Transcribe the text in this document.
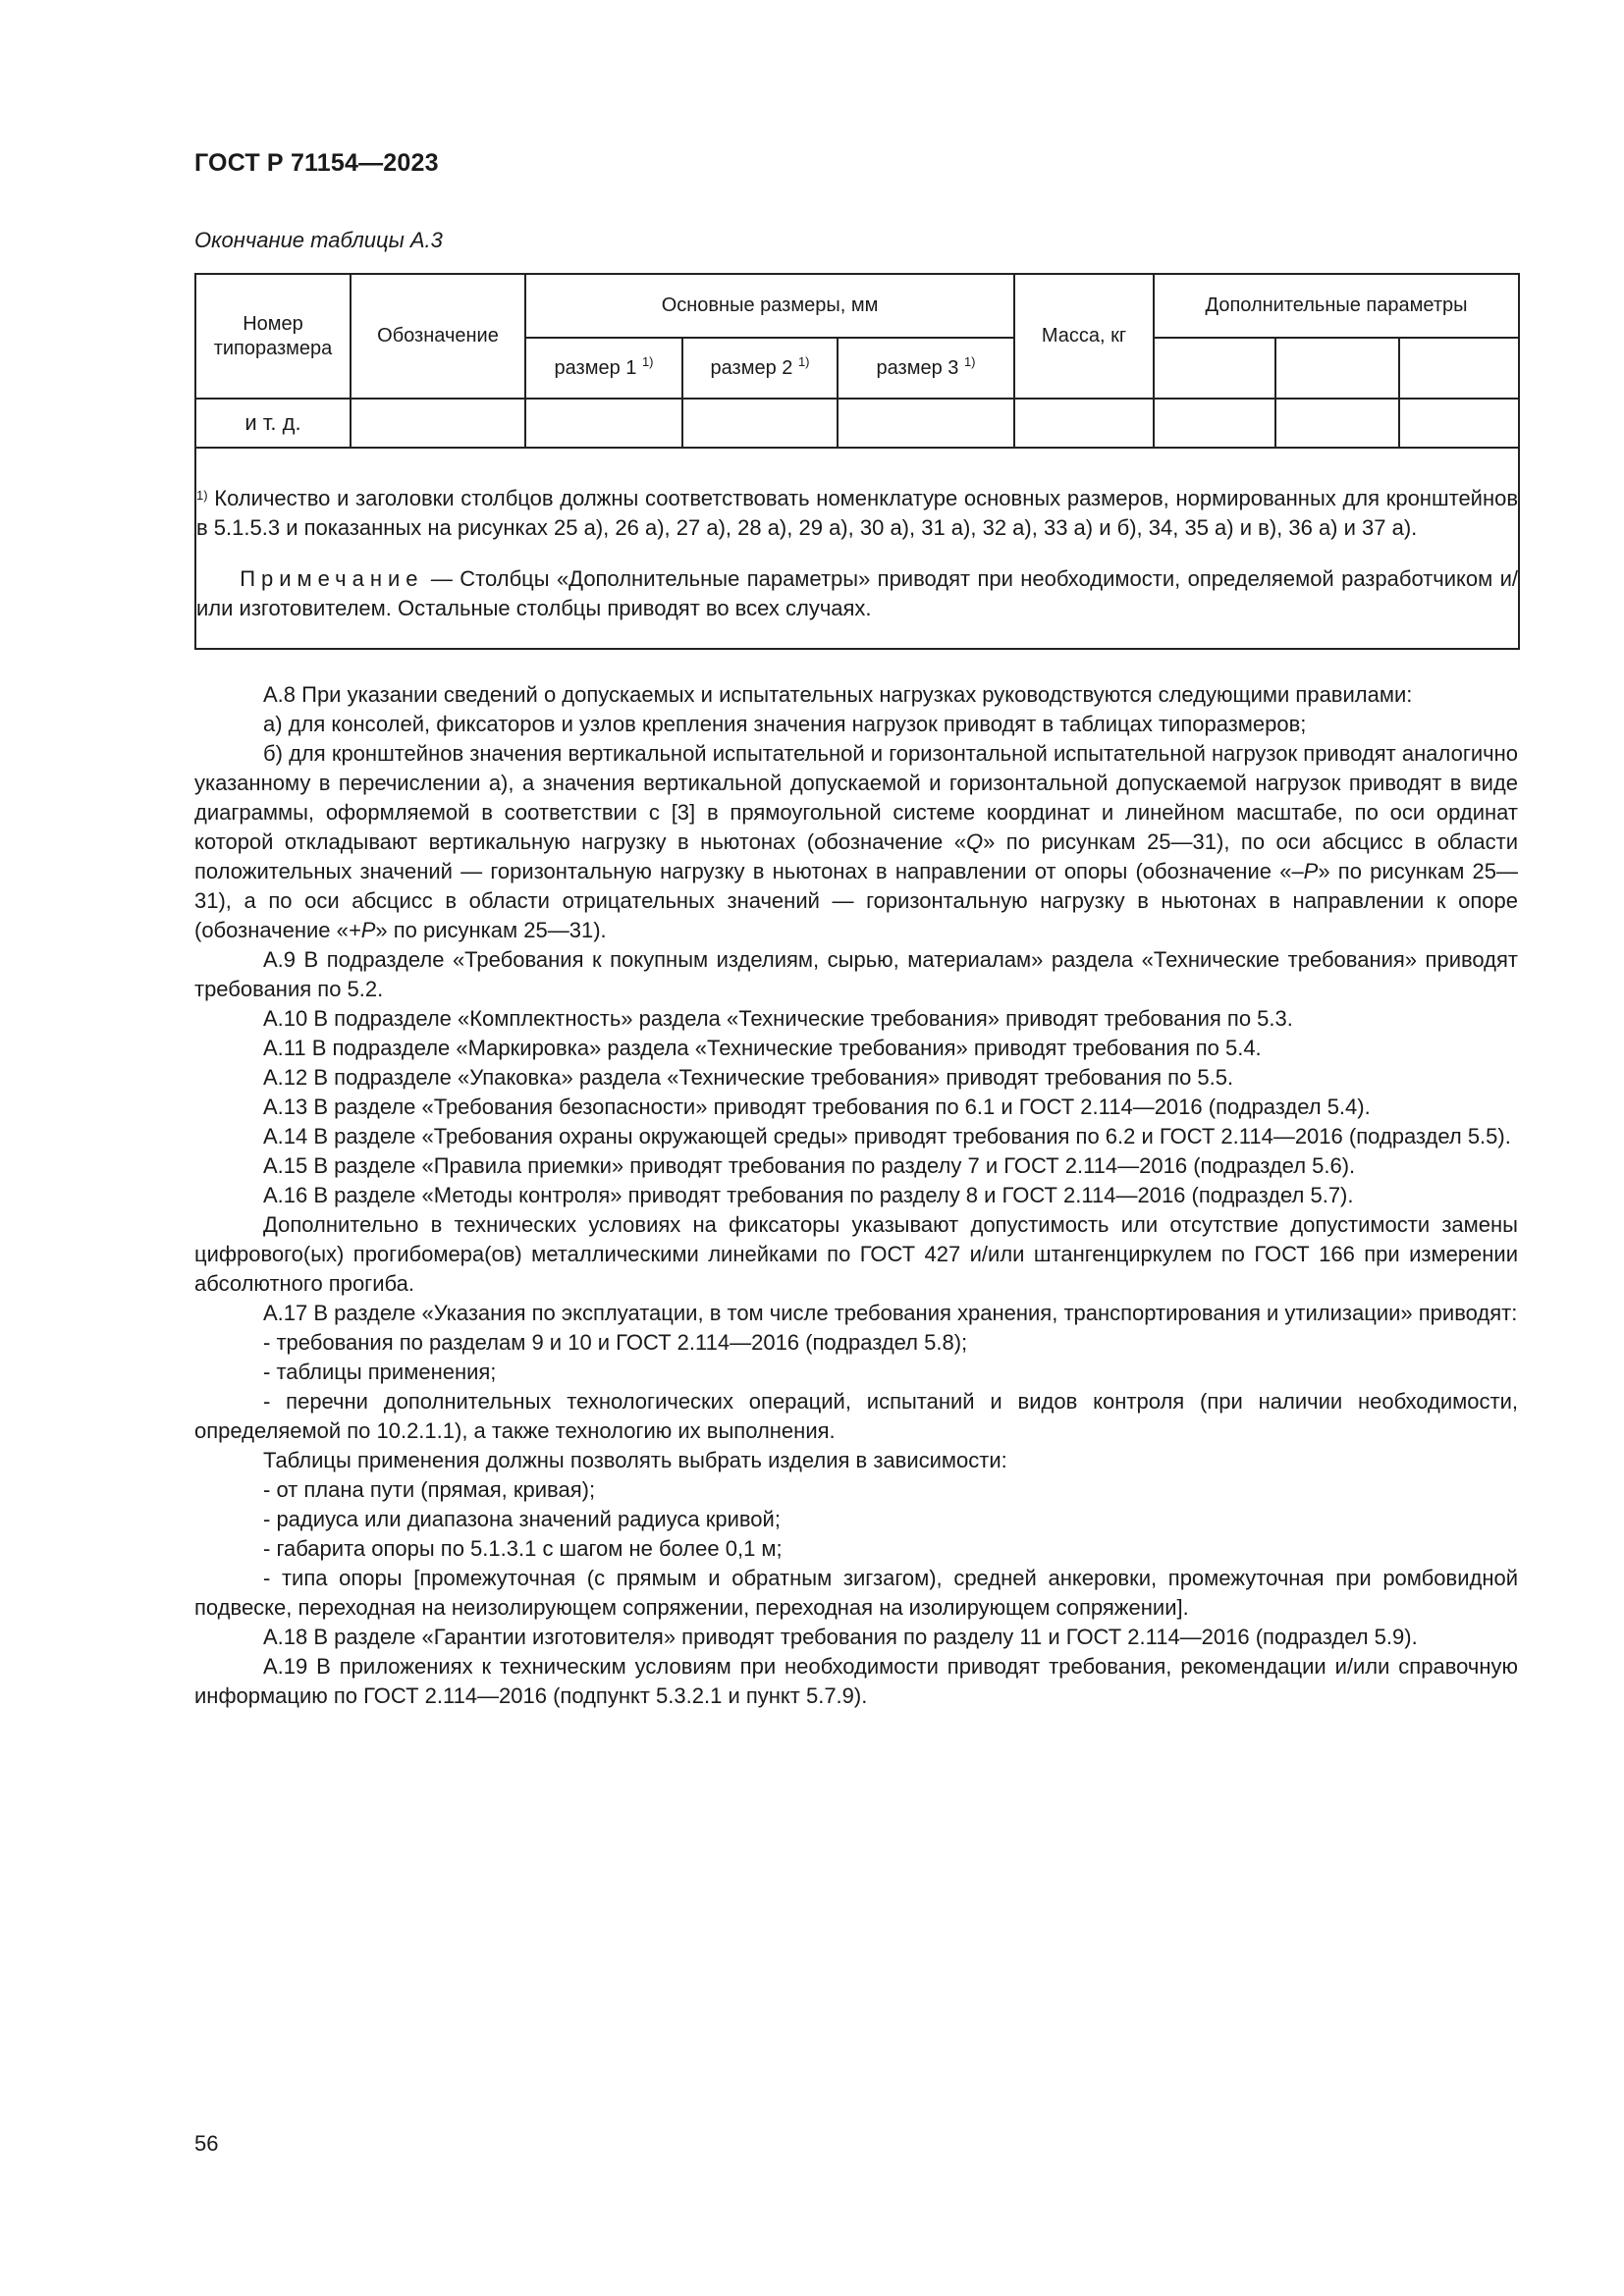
ГОСТ Р 71154—2023
Окончание таблицы А.3
Номер типоразмера	Обозначение	Основные размеры, мм			Масса, кг	Дополнительные параметры		
		размер 1 $^{1)}$	размер 2 $^{1)}$	размер 3 $^{1)}$			
и т. д.								

$^{1)}$ Количество и заголовки столбцов должны соответствовать номенклатуре основных размеров, нормированных для кронштейнов в 5.1.5.3 и показанных на рисунках 25 а), 26 а), 27 а), 28 а), 29 а), 30 а), 31 а), 32 а), 33 а) и б), 34, 35 а) и в), 36 а) и 37 а).
Примечание — Столбцы «Дополнительные параметры» приводят при необходимости, определяемой разработчиком и/или изготовителем. Остальные столбцы приводят во всех случаях.								

А.8 При указании сведений о допускаемых и испытательных нагрузках руководствуются следующими правилами:

а) для консолей, фиксаторов и узлов крепления значения нагрузок приводят в таблицах типоразмеров;

б) для кронштейнов значения вертикальной испытательной и горизонтальной испытательной нагрузок приводят аналогично указанному в перечислении а), а значения вертикальной допускаемой и горизонтальной допускаемой нагрузок приводят в виде диаграммы, оформляемой в соответствии с [3] в прямоугольной системе координат и линейном масштабе, по оси ординат которой откладывают вертикальную нагрузку в ньютонах (обозначение «Q» по рисункам 25—31), по оси абсцисс в области положительных значений — горизонтальную нагрузку в ньютонах в направлении от опоры (обозначение «–P» по рисункам 25—31), а по оси абсцисс в области отрицательных значений — горизонтальную нагрузку в ньютонах в направлении к опоре (обозначение «+P» по рисункам 25—31).

А.9 В подразделе «Требования к покупным изделиям, сырью, материалам» раздела «Технические требования» приводят требования по 5.2.

А.10 В подразделе «Комплектность» раздела «Технические требования» приводят требования по 5.3.

А.11 В подразделе «Маркировка» раздела «Технические требования» приводят требования по 5.4.

А.12 В подразделе «Упаковка» раздела «Технические требования» приводят требования по 5.5.

А.13 В разделе «Требования безопасности» приводят требования по 6.1 и ГОСТ 2.114—2016 (подраздел 5.4).

А.14 В разделе «Требования охраны окружающей среды» приводят требования по 6.2 и ГОСТ 2.114—2016 (подраздел 5.5).

А.15 В разделе «Правила приемки» приводят требования по разделу 7 и ГОСТ 2.114—2016 (подраздел 5.6).

А.16 В разделе «Методы контроля» приводят требования по разделу 8 и ГОСТ 2.114—2016 (подраздел 5.7).

Дополнительно в технических условиях на фиксаторы указывают допустимость или отсутствие допустимости замены цифрового(ых) прогибомера(ов) металлическими линейками по ГОСТ 427 и/или штангенциркулем по ГОСТ 166 при измерении абсолютного прогиба.

А.17 В разделе «Указания по эксплуатации, в том числе требования хранения, транспортирования и утилизации» приводят:

- требования по разделам 9 и 10 и ГОСТ 2.114—2016 (подраздел 5.8);

- таблицы применения;

- перечни дополнительных технологических операций, испытаний и видов контроля (при наличии необходимости, определяемой по 10.2.1.1), а также технологию их выполнения.

Таблицы применения должны позволять выбрать изделия в зависимости:

- от плана пути (прямая, кривая);

- радиуса или диапазона значений радиуса кривой;

- габарита опоры по 5.1.3.1 с шагом не более 0,1 м;

- типа опоры [промежуточная (с прямым и обратным зигзагом), средней анкеровки, промежуточная при ромбовидной подвеске, переходная на неизолирующем сопряжении, переходная на изолирующем сопряжении].

А.18 В разделе «Гарантии изготовителя» приводят требования по разделу 11 и ГОСТ 2.114—2016 (подраздел 5.9).

А.19 В приложениях к техническим условиям при необходимости приводят требования, рекомендации и/или справочную информацию по ГОСТ 2.114—2016 (подпункт 5.3.2.1 и пункт 5.7.9).

56
